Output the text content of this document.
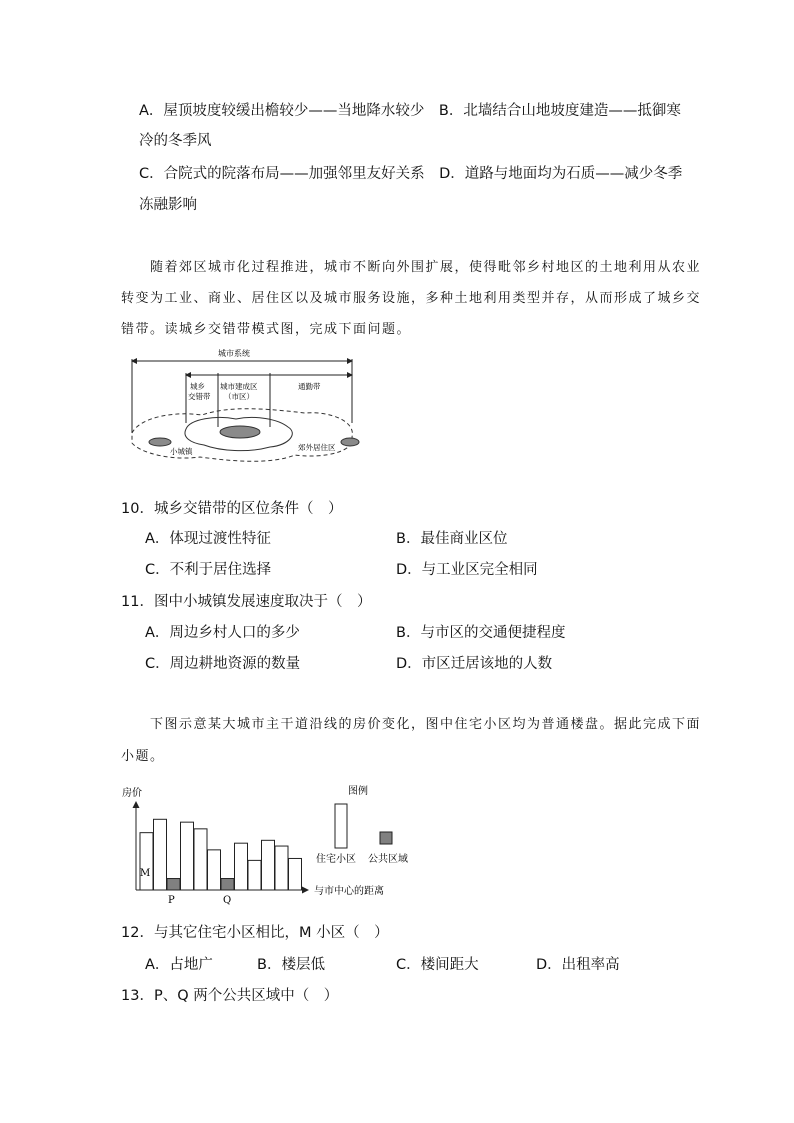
A．屋顶坡度较缓出檐较少——当地降水较少　B．北墙结合山地坡度建造——抵御寒
冷的冬季风
C．合院式的院落布局——加强邻里友好关系　D．道路与地面均为石质——减少冬季
冻融影响
随着郊区城市化过程推进，城市不断向外围扩展，使得毗邻乡村地区的土地利用从农业
转变为工业、商业、居住区以及城市服务设施，多种土地利用类型并存，从而形成了城乡交
错带。读城乡交错带模式图，完成下面问题。
城市系统
城乡
交错带
城市建成区
（市区）
通勤带
小城镇	郊外居住区
10．城乡交错带的区位条件（　）
A．体现过渡性特征	B．最佳商业区位
C．不利于居住选择	D．与工业区完全相同
11．图中小城镇发展速度取决于（　）
A．周边乡村人口的多少	B．与市区的交通便捷程度
C．周边耕地资源的数量	D．市区迁居该地的人数
下图示意某大城市主干道沿线的房价变化，图中住宅小区均为普通楼盘。据此完成下面
小题。
房价
与市中心的距离
M
P	Q
图例
住宅小区 公共区域
12．与其它住宅小区相比，M 小区（　）
A．占地广	B．楼层低	C．楼间距大	D．出租率高
13．P、Q 两个公共区域中（　）
